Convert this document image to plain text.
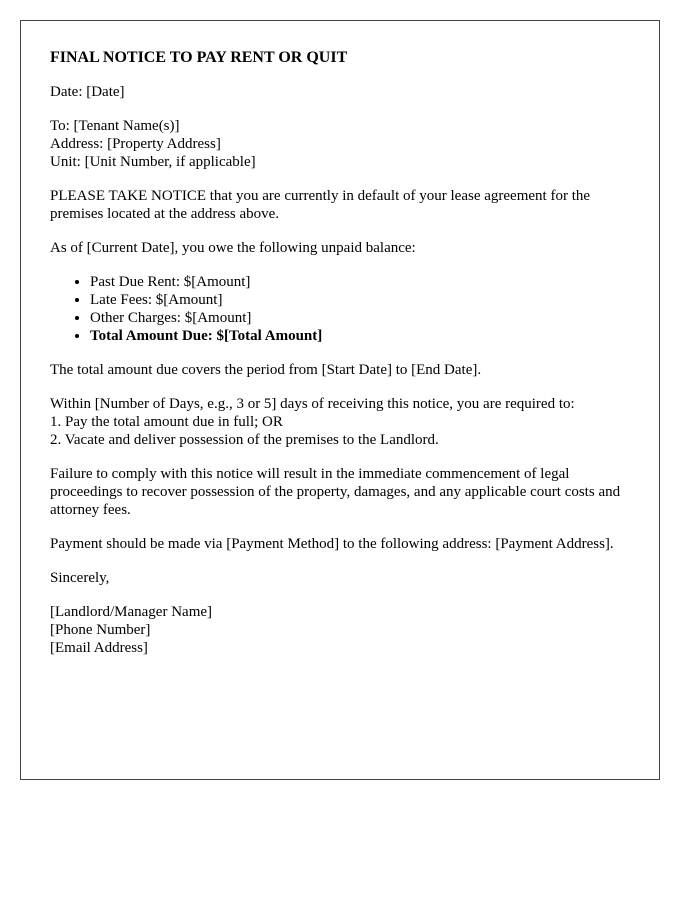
FINAL NOTICE TO PAY RENT OR QUIT

Date: [Date]

To: [Tenant Name(s)]
Address: [Property Address]
Unit: [Unit Number, if applicable]

PLEASE TAKE NOTICE that you are currently in default of your lease agreement for the premises located at the address above.

As of [Current Date], you owe the following unpaid balance:

• Past Due Rent: $[Amount]
• Late Fees: $[Amount]
• Other Charges: $[Amount]
• Total Amount Due: $[Total Amount]

The total amount due covers the period from [Start Date] to [End Date].

Within [Number of Days, e.g., 3 or 5] days of receiving this notice, you are required to:
1. Pay the total amount due in full; OR
2. Vacate and deliver possession of the premises to the Landlord.

Failure to comply with this notice will result in the immediate commencement of legal proceedings to recover possession of the property, damages, and any applicable court costs and attorney fees.

Payment should be made via [Payment Method] to the following address: [Payment Address].

Sincerely,

[Landlord/Manager Name]
[Phone Number]
[Email Address]
